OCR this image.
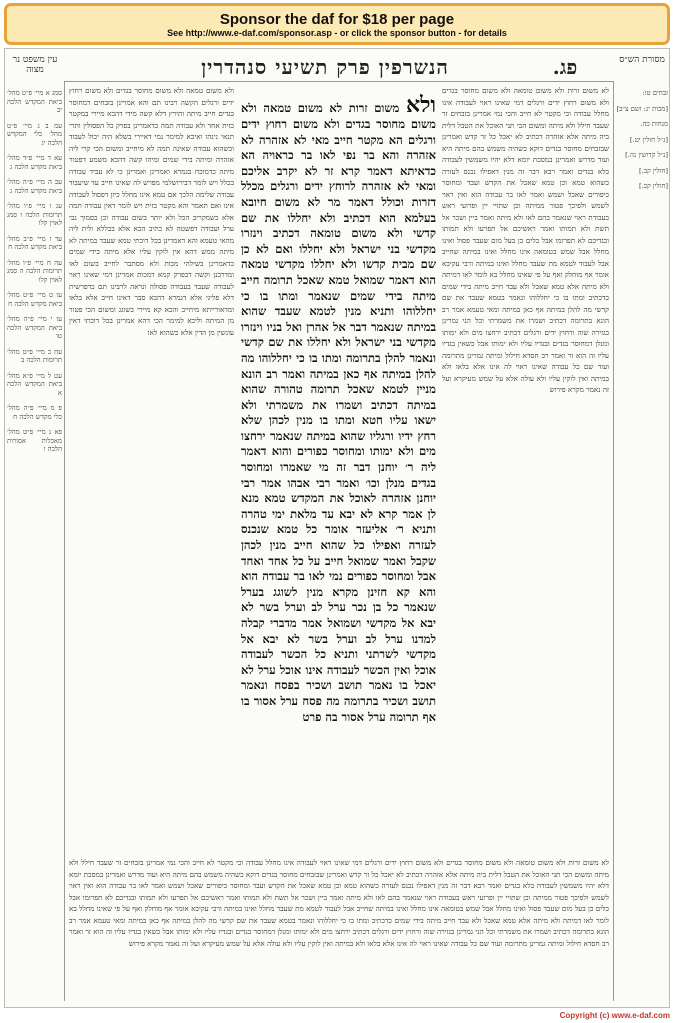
Sponsor the daf for $18 per page
See http://www.e-daf.com/sponsor.asp - or click the sponsor button - for details
עין משפט נר מצוה	הנשרפין פרק תשיעי סנהדרין	פג.	מסורת הש״ס
סמג א מיי׳ פ״ט מהל׳ ביאת המקדש הלכה יב
עמ ב ג מיי׳ פ״ט מהל׳ כלי המקדש הלכה יג
עא ד מיי׳ פ״ד מהל׳ ביאת מקדש הלכה ג
עב ה מיי׳ פ״ה מהל׳ ביאת מקדש הלכה ג
עג ו מיי׳ פ״ו מהל׳ תרומות הלכה ו סמג לאוין קלו
עד ז מיי׳ פ״ב מהל׳ ביאת מקדש הלכה ח
עה ח מיי׳ פ״ו מהל׳ תרומות הלכה ה סמג לאוין קלו
עו ט מיי׳ פ״ט מהל׳ ביאת מקדש הלכה ח
עז י מיי׳ פ״ה מהל׳ ביאת המקדש הלכה טו
עח כ מיי׳ פ״ט מהל׳ תרומות הלכה ב
עט ל מיי׳ פ״א מהל׳ ביאת המקדש הלכה א
פ מ מיי׳ פ״ה מהל׳ כלי מקדש הלכה ח
פא נ מיי׳ פ״ט מהל׳ מאכלות אסורות הלכה ו
זבחים טו:
[מכות יג: ושם צ״ב]
מנחות כה.
[נ״ל חולין יט.]
[נ״ל קדושין נה.]
[חולין קב.]
[חולין קכ.]

ולא משום טמאה ולא משום מחוסר בגדים ולא משום רחוץ ידים ורגלים הקשה רבינו תם והא אמרינן בזבחים דמחוסר בגדים חייב מיתה ותירץ דלא קשה מידי דהכא מיירי במקטר כזית אחד ולא עבודה תמה כדאמרינן בפרק כל הפסולין ותרי תנאי נינהו ואיכא למימר נמי דאיירי בשלא היה יכול לעבוד וכשהוא עבודה שאינה תמה לא מיחייב ומשום הכי קרי ליה אזהרה ומיתה בידי שמים ומיהו קשה דהכא משמע דפטור מיתה כדמוכח בגמרא ואמרינן ואמרינן כי לא עביד עבודה בכלל ויש לומר דבירושלמי מפרש לה שאינו חייב עד שיעבוד עבודה שלימה הלכך אם טמא אינו מחלל כיון דפסול לעבודה אינו ואם תאמר והא מקטר כזית ויש לומר דאין עבודה תמה אלא כשמקריב הכל ולא יותר בשום עבודה וכן בסמוך גבי ערל ועבודה דפשטה לא כתיב הכא אלא בכללא ולית ליה מהאי טעמא והא דאמרינן בכל דוכתי טמא שעבד במיתה לא מיתה ממש דהא אין לוקין עליו אלא מיתה בידי שמים כדאמרינן בשילהי מכות ולא מסתבר לחייב בשום לאו ומדרבנן וקשה דבפרק קמא דמכות אמרינן דמי שאינו ראוי לעבודה שעבד בעבודה פסולה ונראה לרבינו תם כדפרשית דלא פליגי אלא דגמרא דהכא סבר דאינו חייב אלא בלאו ומדאורייתא מיחייב והכא קא מיירי בשוגג ומשום הכי פטור מן המיתה וליכא למימר הכי דהא אמרינן בכל דוכתי דאין עונשין מן הדין אלא כשהוא לאו

לא משום זרות ולא משום טומאה ולא משום מחוסר בגדים ולא משום רחוץ ידים ורגלים דמי שאינו ראוי לעבודה אינו מחלל עבודה וכי מקטר לא חייב והכי נמי אמרינן בזבחים זר שעבד חילל ולא מיתה ומשום הכי תני האוכל את הטבל דלית ביה מיתה אלא אזהרה דכתיב לא יאכל כל זר קדש ואמרינן שבזבחים מחוסר בגדים דוקא כשהיה משמש בהם מיתה היא ועוד מדרש ואמרינן במסכת יומא דלא יהיו משמשין לעבודה בלא בגדים ואמר רבא דבר זה מנין דאפילו נכנס לעזרה כשהוא טמא וכן טמא שאכל את הקדש ועבד ומחוסר כיפורים שאכל ושמש ואמר לאו בר עבודה הוא ואין ראוי לשמש ולפיכך פטור ממיתה וכן שתויי יין ופרועי ראש בעבודת ראוי שנאמר בהם לאו ולא מיתה ואמר ביין ושכר אל תשת ולא תמותו ואמר ראשיכם אל תפרעו ולא תמותו ובגדיכם לא תפרומו אבל כלים כן בעל מום שעבד פסול ואינו מחלל אבל שמש בטומאה אינו מחלל ואינו במיתה שחייב אבל לעבוד לטמא מת שעבד מחלל ואינו במיתה ורבי עקיבא אומר אף מוחלק ואף על פי שאינו מחלל בא לומר לאו דמיתה ולא מיתה אלא טמא שאכל ולא עבד חייב מיתה בידי שמים כדכתיב ומתו בו כי יחללוהו ונאמר בטמא שעבד את שם קדשי מה להלן במיתה אף כאן במיתה ומאי טעמא אמר רב הונא בתרומה דכתיב ושמרו את משמרתי וכל הני גמרינן בגזירה שוה ורחוץ ידים ורגלים דכתיב ירחצו מים ולא ימותו ומנלן דמחוסר בגדים ובגדיו עליו ולא ימותו אבל כשאין בגדיו עליו זה הוא זר ואמר רב חסדא חילול ומיתה גמרינן מתרומה ועוד שם כל עבודה שאינו ראוי לה אינו אלא בלאו ולא במיתה ואין לוקין עליו ולא עולה אלא על שמש מעיקרא ועל זה נאמר מקרא פירוש

ולא משום זרות לא משום טמאה ולא משום מחוסר בגדים ולא משום רחוץ ידים ורגלים הא מקטר חייב מאי לא אזהרה לא אזהרה והא בר נפי לאו בר כראויה הא כדאיתא דאמר קרא זר לא יקרב אליכם ומאי לא אזהרה לרוחץ ידים ורגלים מכלל דזרות וכולל דאמר מר לא משום חיובא בעלמא הוא דכתיב ולא יחללו את שם קדשי ולא משום טומאה דכתיב וינזרו מקדשי בני ישראל ולא יחללו ואם לא כן שם מבית קדשו ולא יחללו מקדשי טמאה הוא דאמר שמואל טמא שאכל תרומה חייב מיתה בידי שמים שנאמר ומתו בו כי יחללוהו ותניא מנין לטמא שעבד שהוא במיתה שנאמר דבר אל אהרן ואל בניו וינזרו מקדשי בני ישראל ולא יחללו את שם קדשי ונאמר להלן בתרומה ומתו בו כי יחללוהו מה להלן במיתה אף כאן במיתה ואמר רב הונא מניין לטמא שאכל תרומה טהורה שהוא במיתה דכתיב ושמרו את משמרתי ולא ישאו עליו חטא ומתו בו מנין לכהן שלא רחץ ידיו ורגליו שהוא במיתה שנאמר ירחצו מים ולא ימותו ומחוסר כפורים והוא דאמר ליה ר׳ יוחנן דבר זה מי שאמרו ומחוסר בגדים מנלן וכו׳ ואמר רבי אבהו אמר רבי יוחנן אזהרה לאוכל את המקדש טמא מנא לן אמר קרא לא יבא עד מלאת ימי טהרה ותניא ר׳ אליעזר אומר כל טמא שנכנס לעזרה ואפילו כל שהוא חייב מנין לכהן שקבל ואמר שמואל חייב על כל אחד ואחד אבל ומחוסר כפורים נמי לאו בר עבודה הוא והא קא חזינן מקרא מנין לשוגג בערל שנאמר כל בן נכר ערל לב וערל בשר לא יבא אל מקדשי ושמואל אמר מדברי קבלה למדנו ערל לב וערל בשר לא יבא אל מקדשי לשרתני ותניא כל הכשר לעבודה אוכל ואין הכשר לעבודה אינו אוכל ערל לא יאכל בו נאמר תושב ושכיר בפסח ונאמר תושב ושכיר בתרומה מה פסח ערל אסור בו אף תרומה ערל אסור בה פרט

לא משום זרות ולא משום טומאה ולא משום מחוסר בגדים ולא משום רחוץ ידים ורגלים דמי שאינו ראוי לעבודה אינו מחלל עבודה וכי מקטר לא חייב והכי נמי אמרינן בזבחים זר שעבד חילל ולא מיתה ומשום הכי תני האוכל את הטבל דלית ביה מיתה אלא אזהרה דכתיב לא יאכל כל זר קדש ואמרינן שבזבחים מחוסר בגדים דוקא כשהיה משמש בהם מיתה היא ועוד מדרש ואמרינן במסכת יומא דלא יהיו משמשין לעבודה בלא בגדים ואמר רבא דבר זה מנין דאפילו נכנס לעזרה כשהוא טמא וכן טמא שאכל את הקדש ועבד ומחוסר כיפורים שאכל ושמש ואמר לאו בר עבודה הוא ואין ראוי לשמש ולפיכך פטור ממיתה וכן שתויי יין ופרועי ראש בעבודת ראוי שנאמר בהם לאו ולא מיתה ואמר ביין ושכר אל תשת ולא תמותו ואמר ראשיכם אל תפרעו ולא תמותו ובגדיכם לא תפרומו אבל כלים כן בעל מום שעבד פסול ואינו מחלל אבל שמש בטומאה אינו מחלל ואינו במיתה שחייב אבל לעבוד לטמא מת שעבד מחלל ואינו במיתה ורבי עקיבא אומר אף מוחלק ואף על פי שאינו מחלל בא לומר לאו דמיתה ולא מיתה אלא טמא שאכל ולא עבד חייב מיתה בידי שמים כדכתיב ומתו בו כי יחללוהו ונאמר בטמא שעבד את שם קדשי מה להלן במיתה אף כאן במיתה ומאי טעמא אמר רב הונא בתרומה דכתיב ושמרו את משמרתי וכל הני גמרינן בגזירה שוה ורחוץ ידים ורגלים דכתיב ירחצו מים ולא ימותו ומנלן דמחוסר בגדים ובגדיו עליו ולא ימותו אבל כשאין בגדיו עליו זה הוא זר ואמר רב חסדא חילול ומיתה גמרינן מתרומה ועוד שם כל עבודה שאינו ראוי לה אינו אלא בלאו ולא במיתה ואין לוקין עליו ולא עולה אלא על שמש מעיקרא ועל זה נאמר מקרא פירוש

Copyright (c) www.e-daf.com
